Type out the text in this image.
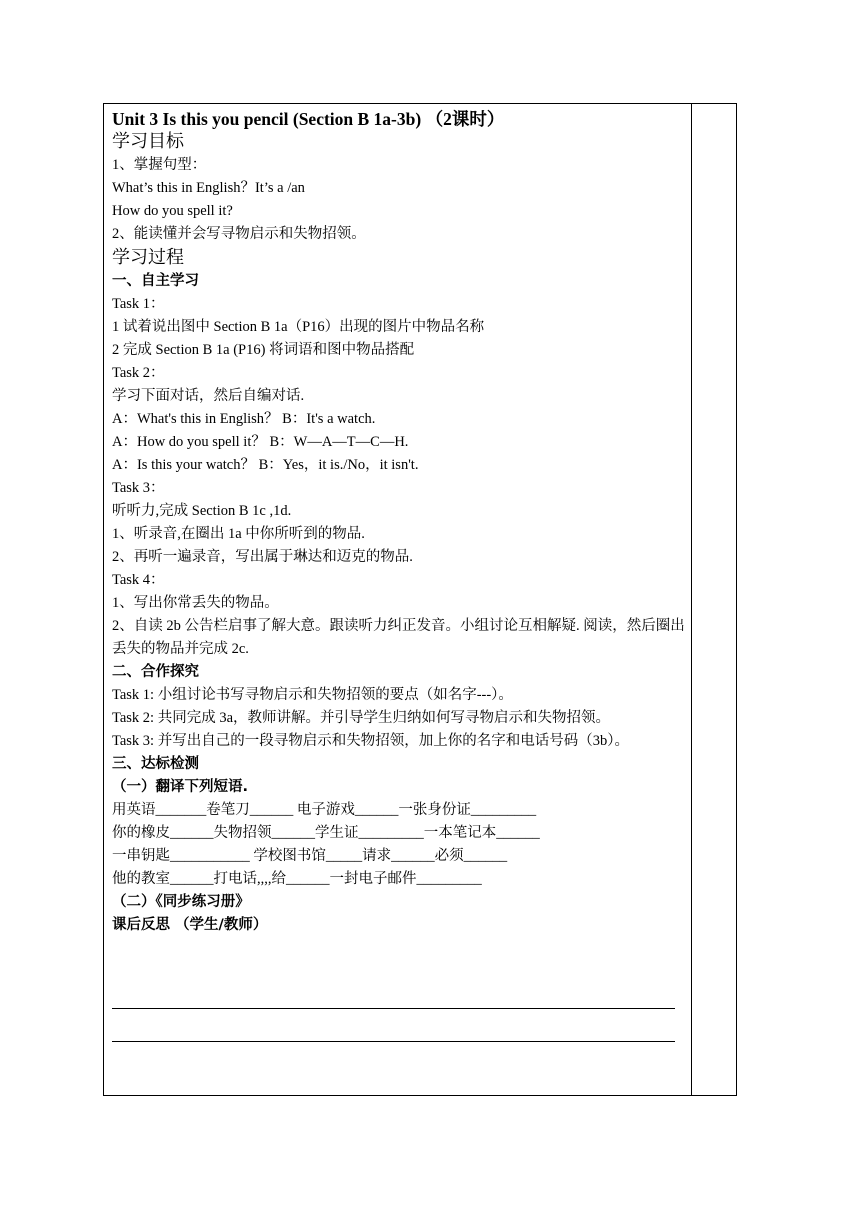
Unit 3 Is this you pencil (Section B 1a-3b) （2课时）
学习目标
1、掌握句型：
What’s this in English？It’s a /an
How do you spell it?
2、能读懂并会写寻物启示和失物招领。
学习过程
一、自主学习
Task 1：
1 试着说出图中 Section B 1a（P16）出现的图片中物品名称
2 完成 Section B 1a (P16) 将词语和图中物品搭配
Task 2：
学习下面对话，然后自编对话.
A：What's this in English？ B：It's a watch.
A：How do you spell it？ B：W—A—T—C—H.
A：Is this your watch？ B：Yes，it is./No，it isn't.
Task 3：
听听力,完成 Section B 1c ,1d.
1、听录音,在圈出 1a 中你所听到的物品.
2、再听一遍录音，写出属于琳达和迈克的物品.
Task 4：
1、写出你常丢失的物品。
2、自读 2b 公告栏启事了解大意。跟读听力纠正发音。小组讨论互相解疑. 阅读，然后圈出丢失的物品并完成 2c.
二、合作探究
Task 1: 小组讨论书写寻物启示和失物招领的要点（如名字---）。
Task 2: 共同完成 3a，教师讲解。并引导学生归纳如何写寻物启示和失物招领。
Task 3: 并写出自己的一段寻物启示和失物招领，加上你的名字和电话号码（3b）。
三、达标检测
（一）翻译下列短语.
用英语_______卷笔刀______ 电子游戏______一张身份证_________
你的橡皮______失物招领______学生证_________一本笔记本______
一串钥匙___________ 学校图书馆_____请求______必须______
他的教室______打电话,,,,给______一封电子邮件_________
（二）《同步练习册》
课后反思 （学生/教师）
